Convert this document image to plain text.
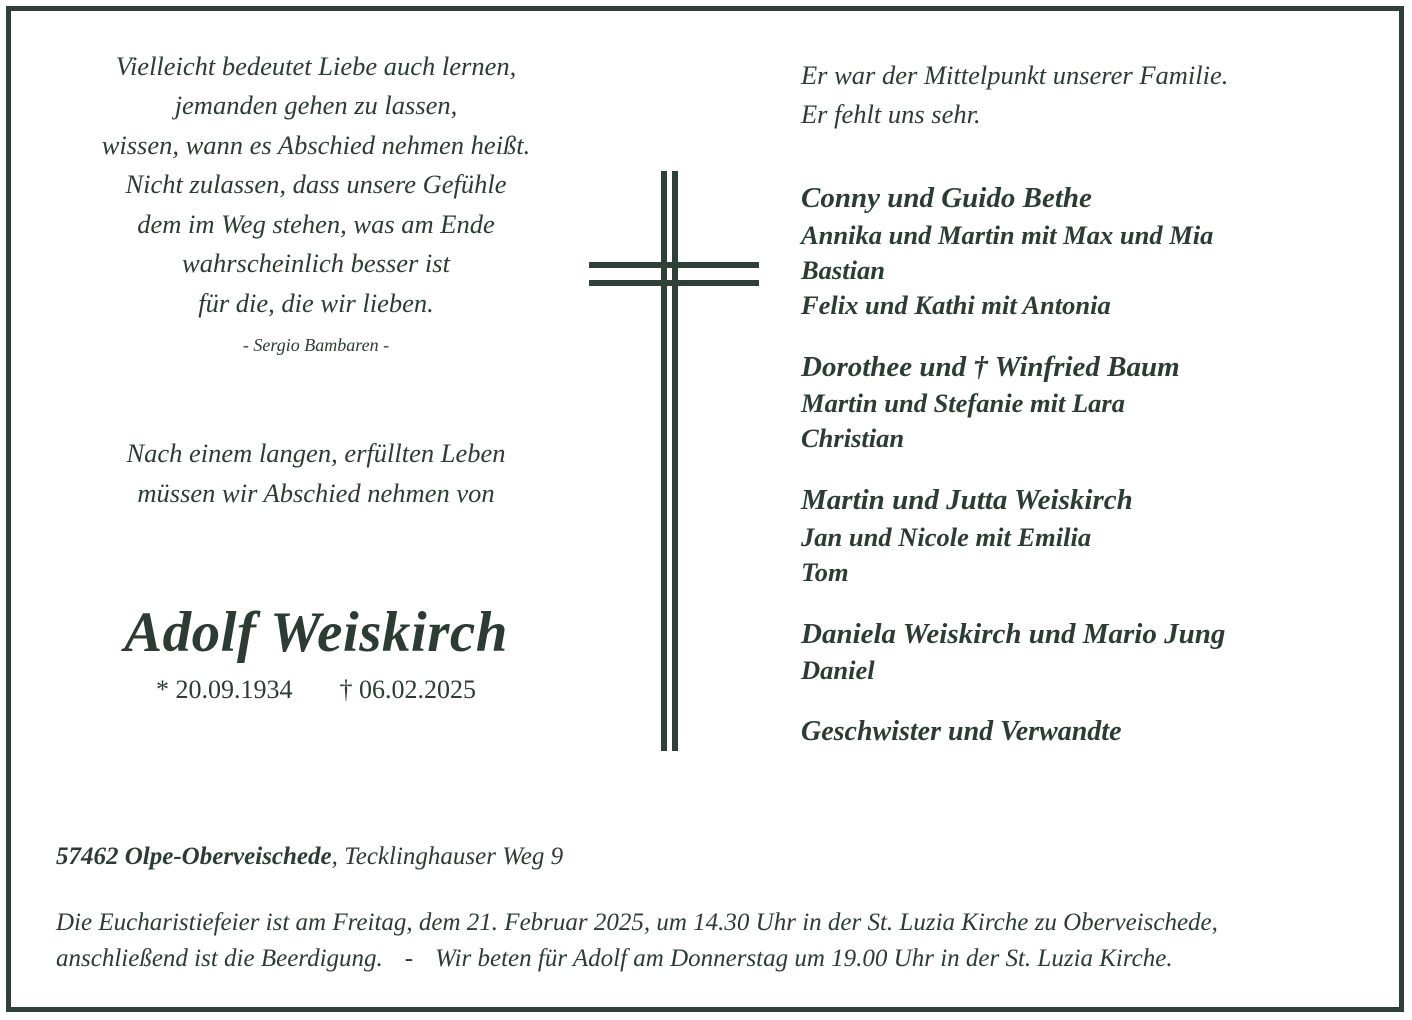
Vielleicht bedeutet Liebe auch lernen,
jemanden gehen zu lassen,
wissen, wann es Abschied nehmen heißt.
Nicht zulassen, dass unsere Gefühle
dem im Weg stehen, was am Ende
wahrscheinlich besser ist
für die, die wir lieben.
- Sergio Bambaren -
Nach einem langen, erfüllten Leben
müssen wir Abschied nehmen von
Adolf Weiskirch
* 20.09.1934 † 06.02.2025
Er war der Mittelpunkt unserer Familie.
Er fehlt uns sehr.
Conny und Guido Bethe
Annika und Martin mit Max und Mia
Bastian
Felix und Kathi mit Antonia
Dorothee und † Winfried Baum
Martin und Stefanie mit Lara
Christian
Martin und Jutta Weiskirch
Jan und Nicole mit Emilia
Tom
Daniela Weiskirch und Mario Jung
Daniel
Geschwister und Verwandte
57462 Olpe-Oberveischede, Tecklinghauser Weg 9
Die Eucharistiefeier ist am Freitag, dem 21. Februar 2025, um 14.30 Uhr in der St. Luzia Kirche zu Oberveischede,
anschließend ist die Beerdigung. - Wir beten für Adolf am Donnerstag um 19.00 Uhr in der St. Luzia Kirche.
